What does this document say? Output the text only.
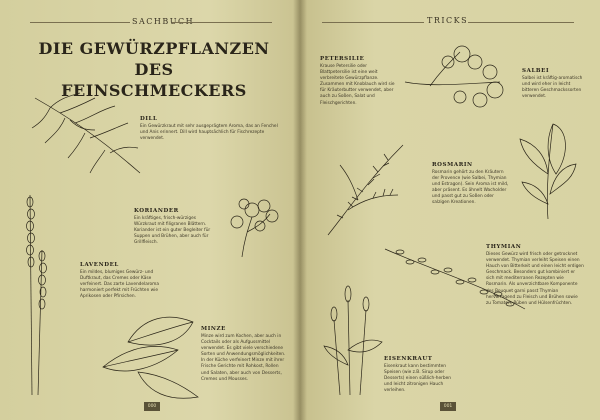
SACHBUCH
DIE GEWÜRZPFLANZEN DES
FEINSCHMECKERS
DILL
Ein Gewürzkraut mit sehr ausgeprägtem Aroma, das an Fenchel und Anis erinnert. Dill wird hauptsächlich für Fischrezepte verwendet.
KORIANDER
Ein kräftiges, frisch-würziges Würzkraut mit filigranen Blättern. Koriander ist ein guter Begleiter für Suppen und Brühen, aber auch für Grillfleisch.
LAVENDEL
Ein mildes, blumiges Gewürz- und Duftkraut, das Cremes oder Käse verfeinert. Das zarte Lavendelaroma harmoniert perfekt mit Früchten wie Aprikosen oder Pfirsichen.
MINZE
Minze wird zum Kochen, aber auch in Cocktails oder als Aufgussmittel verwendet. Es gibt viele verschiedene Sorten und Anwendungsmöglichkeiten. In der Küche verfeinert Minze mit ihrer Frische Gerichte mit Rohkost, Rollen und Salaten, aber auch von Desserts, Cremes und Mousses.
000
TRICKS
PETERSILIE
Krause Petersilie oder Blattpetersilie ist eine weit verbreitete Gewürzpflanze. Zusammen mit Knoblauch wird sie für Kräuterbutter verwendet, aber auch zu Soßen, Salat und Fleischgerichten.
SALBEI
Salbei ist kräftig-aromatisch und wird eher in leicht bitteren Geschmackssorten verwendet.
ROSMARIN
Rosmarin gehört zu den Kräutern der Provence (wie Salbei, Thymian und Estragon). Sein Aroma ist mild, aber präsent. Es ähnelt Wacholder und passt gut zu Soßen oder salzigen Kreationen.
THYMIAN
Dieses Gewürz wird frisch oder getrocknet verwendet. Thymian verleiht Speisen einen Hauch von Bitterkeit und einen leicht erdigen Geschmack. Besonders gut kombiniert er sich mit mediterranen Rezepten wie Rosmarin. Als unverzichtbare Komponente des Bouquet garni passt Thymian hervorragend zu Fleisch und Brühen sowie zu Tomaten, Rüben und Hülsenfrüchten.
EISENKRAUT
Eisenkraut kann bestimmten Speisen (wie z.B. Sirup oder Desserts) einen süßlich-herben und leicht zitronigen Hauch verleihen.
001
